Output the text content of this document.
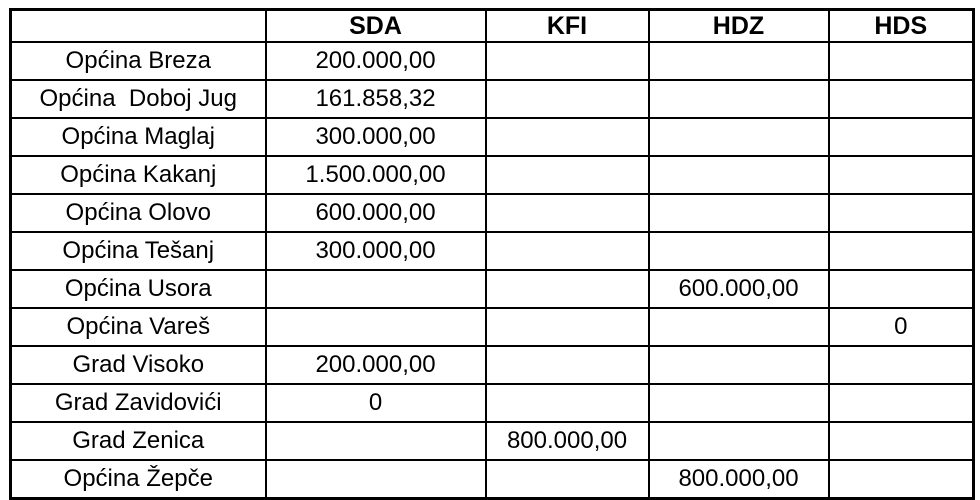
	SDA	KFI	HDZ	HDS
Općina Breza	200.000,00			
Općina  Doboj Jug	161.858,32			
Općina Maglaj	300.000,00			
Općina Kakanj	1.500.000,00			
Općina Olovo	600.000,00			
Općina Tešanj	300.000,00			
Općina Usora			600.000,00	
Općina Vareš				0
Grad Visoko	200.000,00			
Grad Zavidovići	0			
Grad Zenica		800.000,00		
Općina Žepče			800.000,00	
